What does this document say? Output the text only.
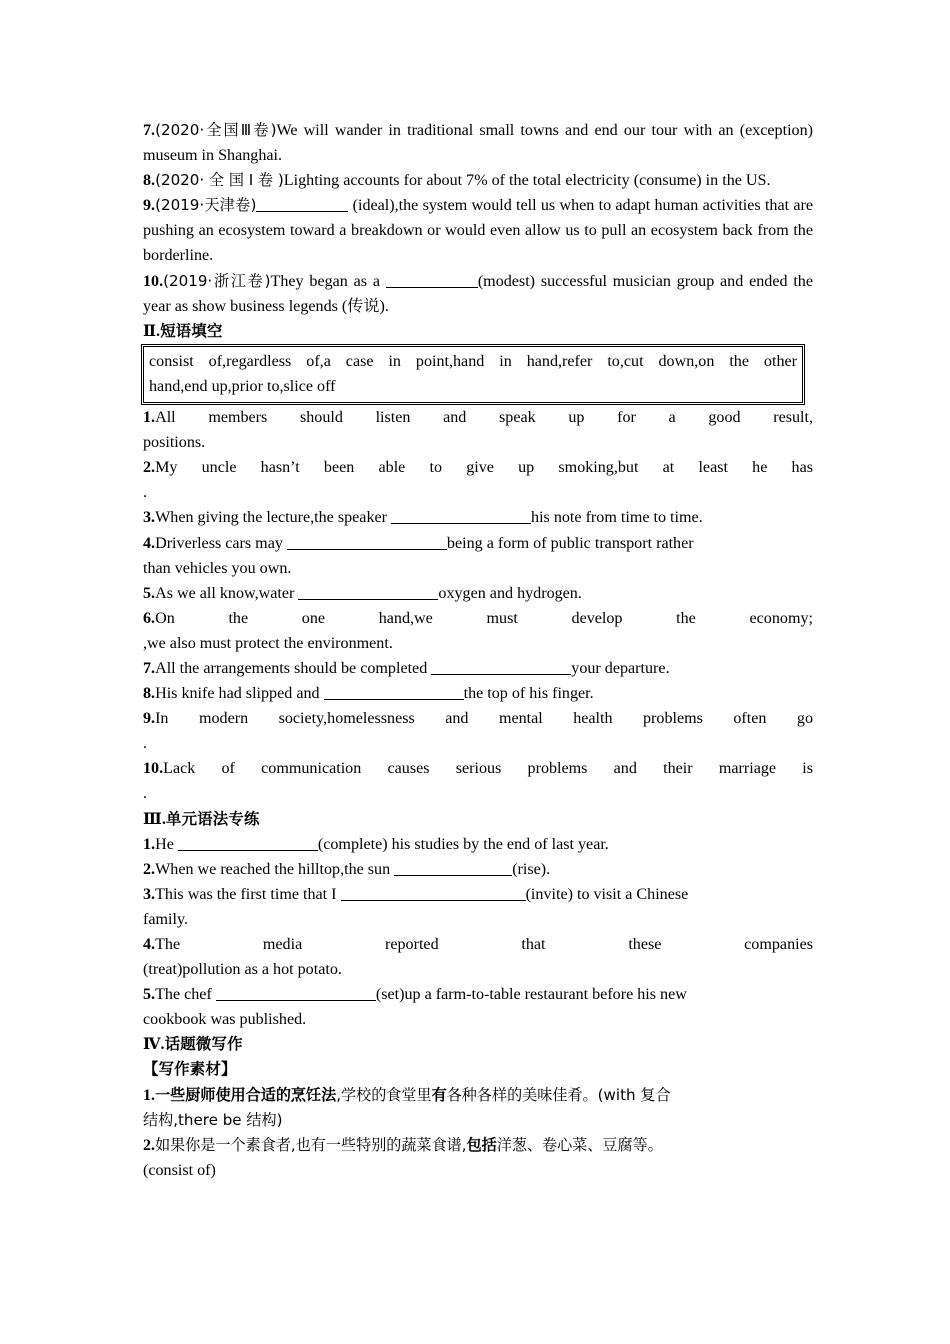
7.(2020·全国Ⅲ卷)We will wander in traditional small towns and end our tour with an (exception) museum in Shanghai.

8.(2020· 全 国 Ⅰ 卷 )Lighting accounts for about 7% of the total electricity (consume) in the US.

9.(2019·天津卷)	(ideal),the system would tell us when to adapt human activities that are pushing an ecosystem toward a breakdown or would even allow us to pull an ecosystem back from the borderline.

10.(2019·浙江卷)They began as a	(modest) successful musician group and ended the year as show business legends (传说).

Ⅱ.短语填空

consist of,regardless of,a case in point,hand in hand,refer to,cut down,on the other

hand,end up,prior to,slice off

1.All members should listen and speak up for a good result,

positions.

2.My uncle hasn’t been able to give up smoking,but at least he has

.

3.When giving the lecture,the speaker	his note from time to time.

4.Driverless cars may	being a form of public transport rather

than vehicles you own.

5.As we all know,water	oxygen and hydrogen.

6.On the one hand,we must develop the economy;

,we also must protect the environment.

7.All the arrangements should be completed	your departure.

8.His knife had slipped and	the top of his finger.

9.In modern society,homelessness and mental health problems often go

.

10.Lack of communication causes serious problems and their marriage is

.

Ⅲ.单元语法专练

1.He	(complete) his studies by the end of last year.

2.When we reached the hilltop,the sun	(rise).

3.This was the first time that I	(invite) to visit a Chinese

family.

4.The media reported that these companies

(treat)pollution as a hot potato.

5.The chef	(set)up a farm-to-table restaurant before his new

cookbook was published.

Ⅳ.话题微写作

【写作素材】

1.一些厨师使用合适的烹饪法,学校的食堂里有各种各样的美味佳肴。(with 复合

结构,there be 结构)

2.如果你是一个素食者,也有一些特别的蔬菜食谱,包括洋葱、卷心菜、豆腐等。

(consist of)
